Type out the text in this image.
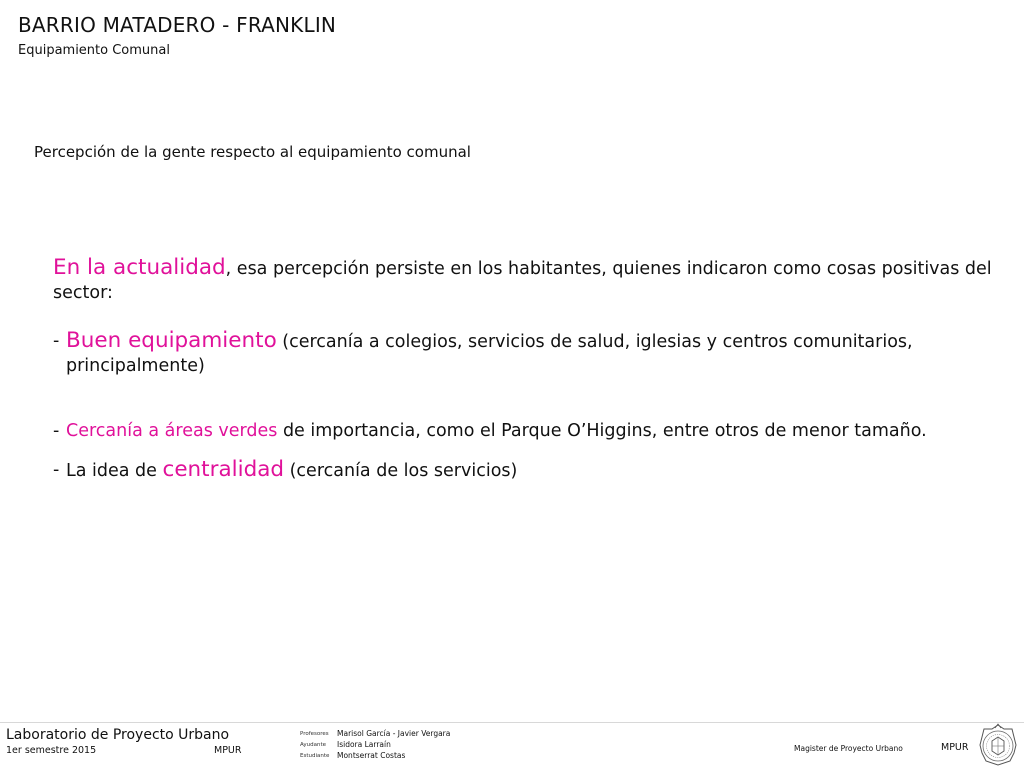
BARRIO MATADERO - FRANKLIN
Equipamiento Comunal
Percepción de la gente respecto al equipamiento comunal

En la actualidad, esa percepción persiste en los habitantes, quienes indicaron como cosas positivas del sector:

- Buen equipamiento (cercanía a colegios, servicios de salud, iglesias y centros comunitarios, principalmente)
- Cercanía a áreas verdes de importancia, como el Parque O’Higgins, entre otros de menor tamaño.
- La idea de centralidad (cercanía de los servicios)
Laboratorio de Proyecto Urbano
1er semestre 2015	MPUR
Profesores	Marisol García - Javier Vergara
Ayudante	Isidora Larraín
Estudiante	Montserrat Costas
Magister de Proyecto Urbano	MPUR
